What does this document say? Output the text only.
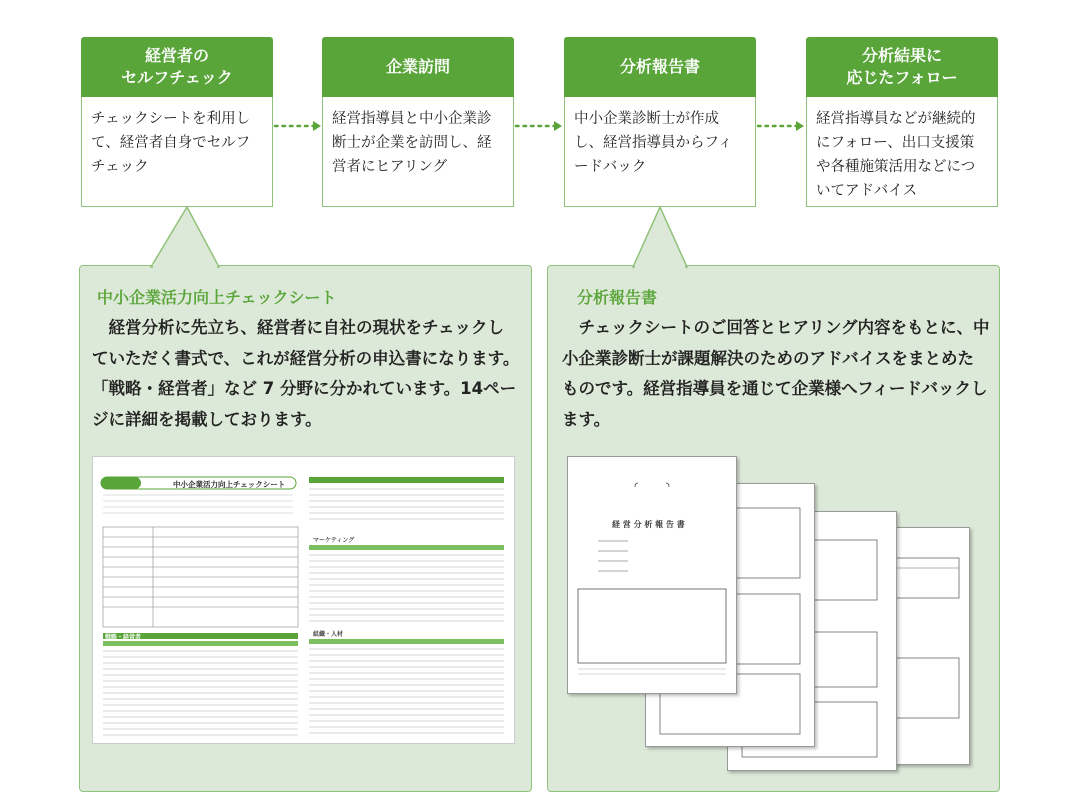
経営者の
セルフチェック
チェックシートを利用して、経営者自身でセルフチェック
企業訪問
経営指導員と中小企業診断士が企業を訪問し、経営者にヒアリング
分析報告書
中小企業診断士が作成し、経営指導員からフィードバック
分析結果に
応じたフォロー
経営指導員などが継続的にフォロー、出口支援策や各種施策活用などについてアドバイス
中小企業活力向上チェックシート
　経営分析に先立ち、経営者に自社の現状をチェックしていただく書式で、これが経営分析の申込書になります。「戦略・経営者」など 7 分野に分かれています。14ページに詳細を掲載しております。
中小企業活力向上チェックシート
戦略・経営者
マーケティング
組織・人材
分析報告書
　チェックシートのご回答とヒアリング内容をもとに、中小企業診断士が課題解決のためのアドバイスをまとめたものです。経営指導員を通じて企業様へフィードバックします。
経 営 分 析 報 告 書
